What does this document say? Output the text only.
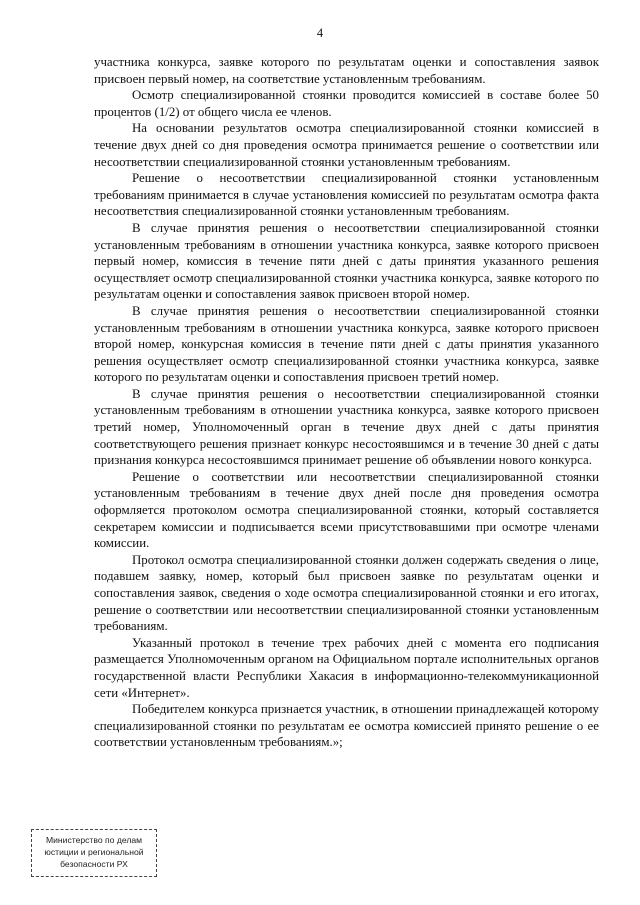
4

участника конкурса, заявке которого по результатам оценки и сопоставления заявок присвоен первый номер, на соответствие установленным требованиям.

Осмотр специализированной стоянки проводится комиссией в составе более 50 процентов (1/2) от общего числа ее членов.

На основании результатов осмотра специализированной стоянки комиссией в течение двух дней со дня проведения осмотра принимается решение о соответствии или несоответствии специализированной стоянки установленным требованиям.

Решение о несоответствии специализированной стоянки установленным требованиям принимается в случае установления комиссией по результатам осмотра факта несоответствия специализированной стоянки установленным требованиям.

В случае принятия решения о несоответствии специализированной стоянки установленным требованиям в отношении участника конкурса, заявке которого присвоен первый номер, комиссия в течение пяти дней с даты принятия указанного решения осуществляет осмотр специализированной стоянки участника конкурса, заявке которого по результатам оценки и сопоставления заявок присвоен второй номер.

В случае принятия решения о несоответствии специализированной стоянки установленным требованиям в отношении участника конкурса, заявке которого присвоен второй номер, конкурсная комиссия в течение пяти дней с даты принятия указанного решения осуществляет осмотр специализированной стоянки участника конкурса, заявке которого по результатам оценки и сопоставления присвоен третий номер.

В случае принятия решения о несоответствии специализированной стоянки установленным требованиям в отношении участника конкурса, заявке которого присвоен третий номер, Уполномоченный орган в течение двух дней с даты принятия соответствующего решения признает конкурс несостоявшимся и в течение 30 дней с даты признания конкурса несостоявшимся принимает решение об объявлении нового конкурса.

Решение о соответствии или несоответствии специализированной стоянки установленным требованиям в течение двух дней после дня проведения осмотра оформляется протоколом осмотра специализированной стоянки, который составляется секретарем комиссии и подписывается всеми присутствовавшими при осмотре членами комиссии.

Протокол осмотра специализированной стоянки должен содержать сведения о лице, подавшем заявку, номер, который был присвоен заявке по результатам оценки и сопоставления заявок, сведения о ходе осмотра специализированной стоянки и его итогах, решение о соответствии или несоответствии специализированной стоянки установленным требованиям.

Указанный протокол в течение трех рабочих дней с момента его подписания размещается Уполномоченным органом на Официальном портале исполнительных органов государственной власти Республики Хакасия в информационно-телекоммуникационной сети «Интернет».

Победителем конкурса признается участник, в отношении принадлежащей которому специализированной стоянки по результатам ее осмотра комиссией принято решение о ее соответствии установленным требованиям.»;

Министерство по делам
юстиции и региональной
безопасности РХ
